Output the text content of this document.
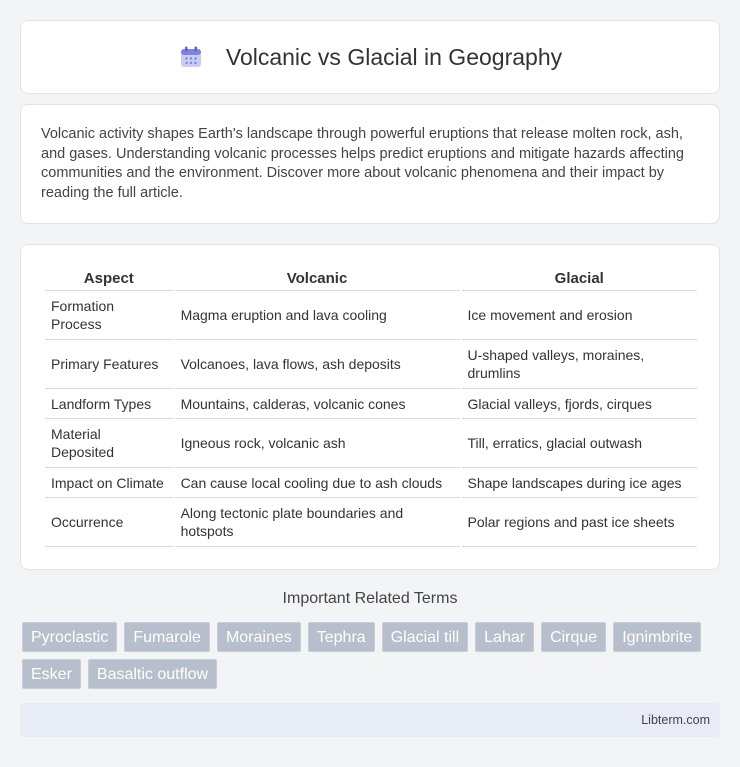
Volcanic vs Glacial in Geography

Volcanic activity shapes Earth's landscape through powerful eruptions that release molten rock, ash, and gases. Understanding volcanic processes helps predict eruptions and mitigate hazards affecting communities and the environment. Discover more about volcanic phenomena and their impact by reading the full article.

Aspect	Volcanic	Glacial
Formation Process	Magma eruption and lava cooling	Ice movement and erosion
Primary Features	Volcanoes, lava flows, ash deposits	U-shaped valleys, moraines, drumlins
Landform Types	Mountains, calderas, volcanic cones	Glacial valleys, fjords, cirques
Material Deposited	Igneous rock, volcanic ash	Till, erratics, glacial outwash
Impact on Climate	Can cause local cooling due to ash clouds	Shape landscapes during ice ages
Occurrence	Along tectonic plate boundaries and hotspots	Polar regions and past ice sheets
Important Related Terms
Pyroclastic	Fumarole	Moraines	Tephra	Glacial till	Lahar	Cirque	Ignimbrite
Esker	Basaltic outflow
Libterm.com
